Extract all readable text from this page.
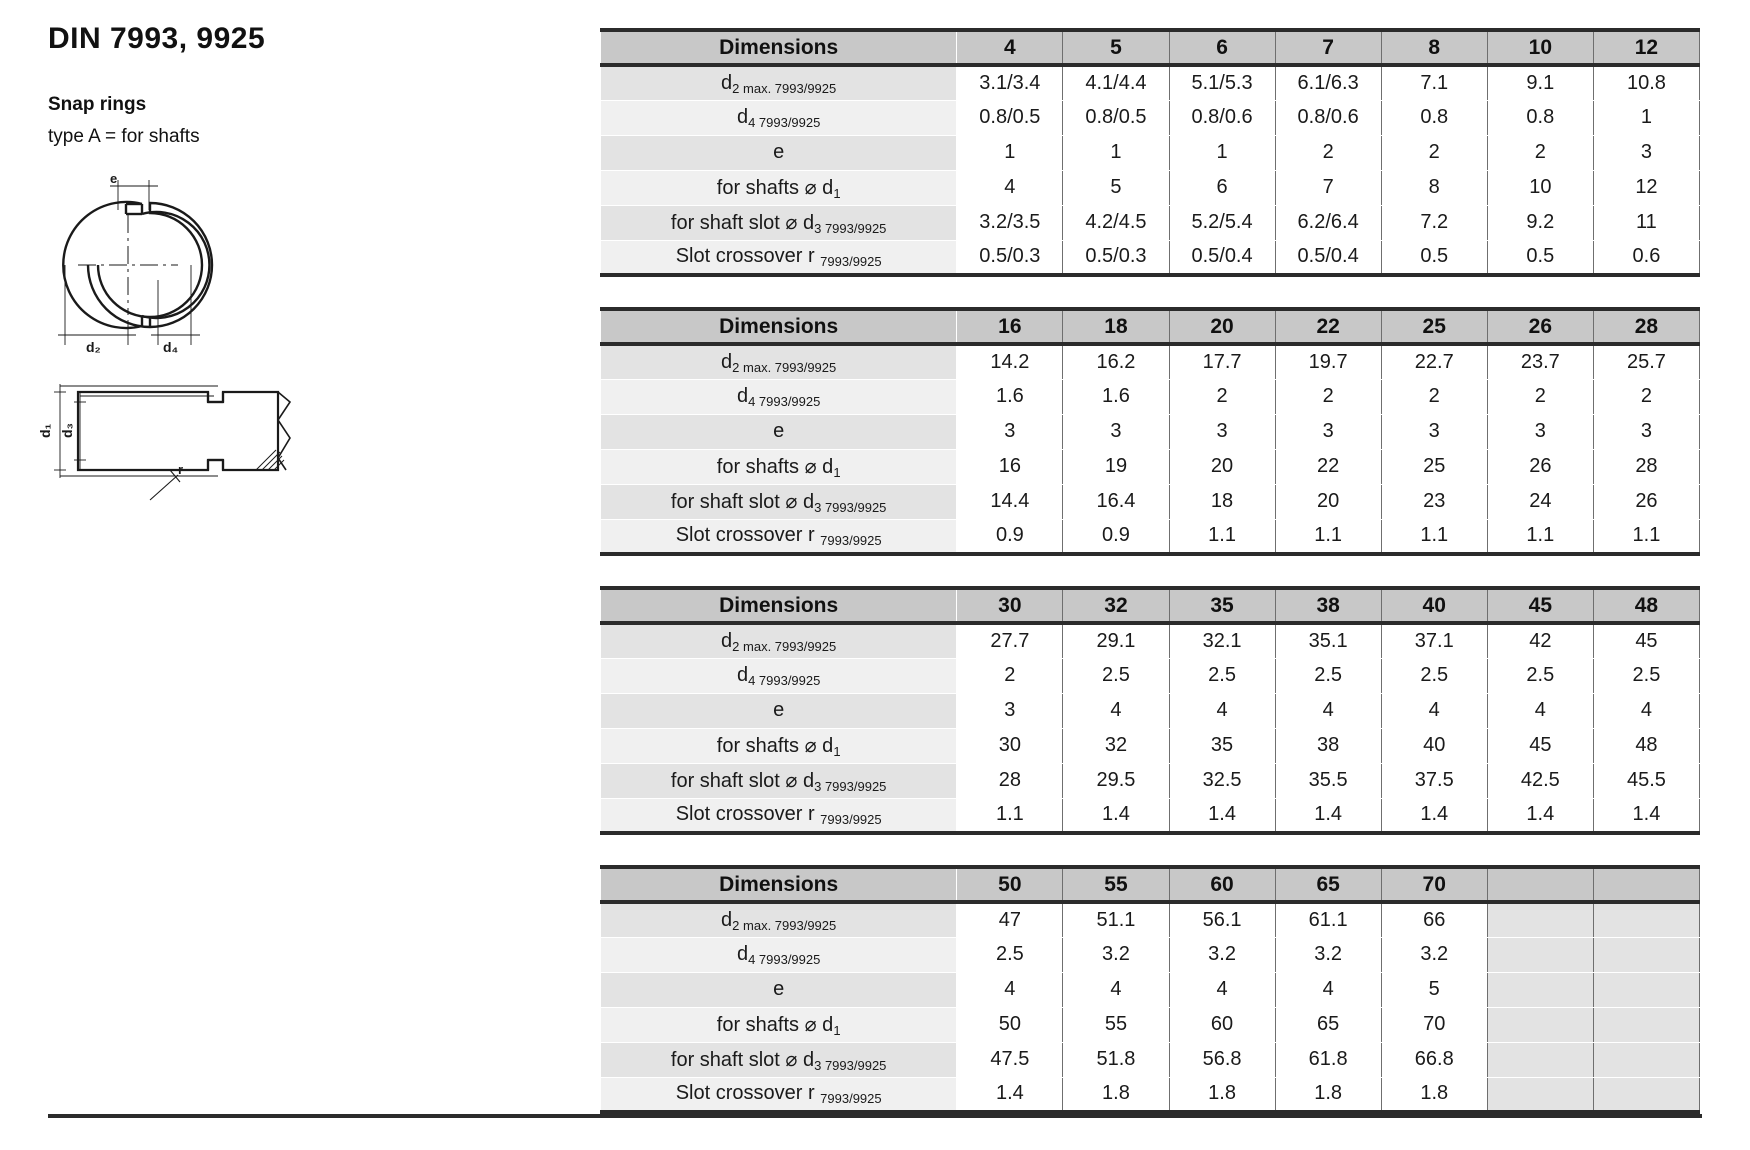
DIN 7993, 9925

Snap rings

type A = for shafts

e
d₂	d₄
d₁ d₃
r
Dimensions	4	5	6	7	8	10	12
$d_{2 max. 7993/9925}$	3.1/3.4	4.1/4.4	5.1/5.3	6.1/6.3	7.1	9.1	10.8
$d_{4 7993/9925}$	0.8/0.5	0.8/0.5	0.8/0.6	0.8/0.6	0.8	0.8	1
e	1	1	1	2	2	2	3
for shafts ⌀ $d_1$	4	5	6	7	8	10	12
for shaft slot ⌀ $d_{3 7993/9925}$	3.2/3.5	4.2/4.5	5.2/5.4	6.2/6.4	7.2	9.2	11
Slot crossover r $_{7993/9925}$	0.5/0.3	0.5/0.3	0.5/0.4	0.5/0.4	0.5	0.5	0.6
Dimensions	16	18	20	22	25	26	28
$d_{2 max. 7993/9925}$	14.2	16.2	17.7	19.7	22.7	23.7	25.7
$d_{4 7993/9925}$	1.6	1.6	2	2	2	2	2
e	3	3	3	3	3	3	3
for shafts ⌀ $d_1$	16	19	20	22	25	26	28
for shaft slot ⌀ $d_{3 7993/9925}$	14.4	16.4	18	20	23	24	26
Slot crossover r $_{7993/9925}$	0.9	0.9	1.1	1.1	1.1	1.1	1.1
Dimensions	30	32	35	38	40	45	48
$d_{2 max. 7993/9925}$	27.7	29.1	32.1	35.1	37.1	42	45
$d_{4 7993/9925}$	2	2.5	2.5	2.5	2.5	2.5	2.5
e	3	4	4	4	4	4	4
for shafts ⌀ $d_1$	30	32	35	38	40	45	48
for shaft slot ⌀ $d_{3 7993/9925}$	28	29.5	32.5	35.5	37.5	42.5	45.5
Slot crossover r $_{7993/9925}$	1.1	1.4	1.4	1.4	1.4	1.4	1.4
Dimensions	50	55	60	65	70		
$d_{2 max. 7993/9925}$	47	51.1	56.1	61.1	66		
$d_{4 7993/9925}$	2.5	3.2	3.2	3.2	3.2		
e	4	4	4	4	5		
for shafts ⌀ $d_1$	50	55	60	65	70		
for shaft slot ⌀ $d_{3 7993/9925}$	47.5	51.8	56.8	61.8	66.8		
Slot crossover r $_{7993/9925}$	1.4	1.8	1.8	1.8	1.8		
